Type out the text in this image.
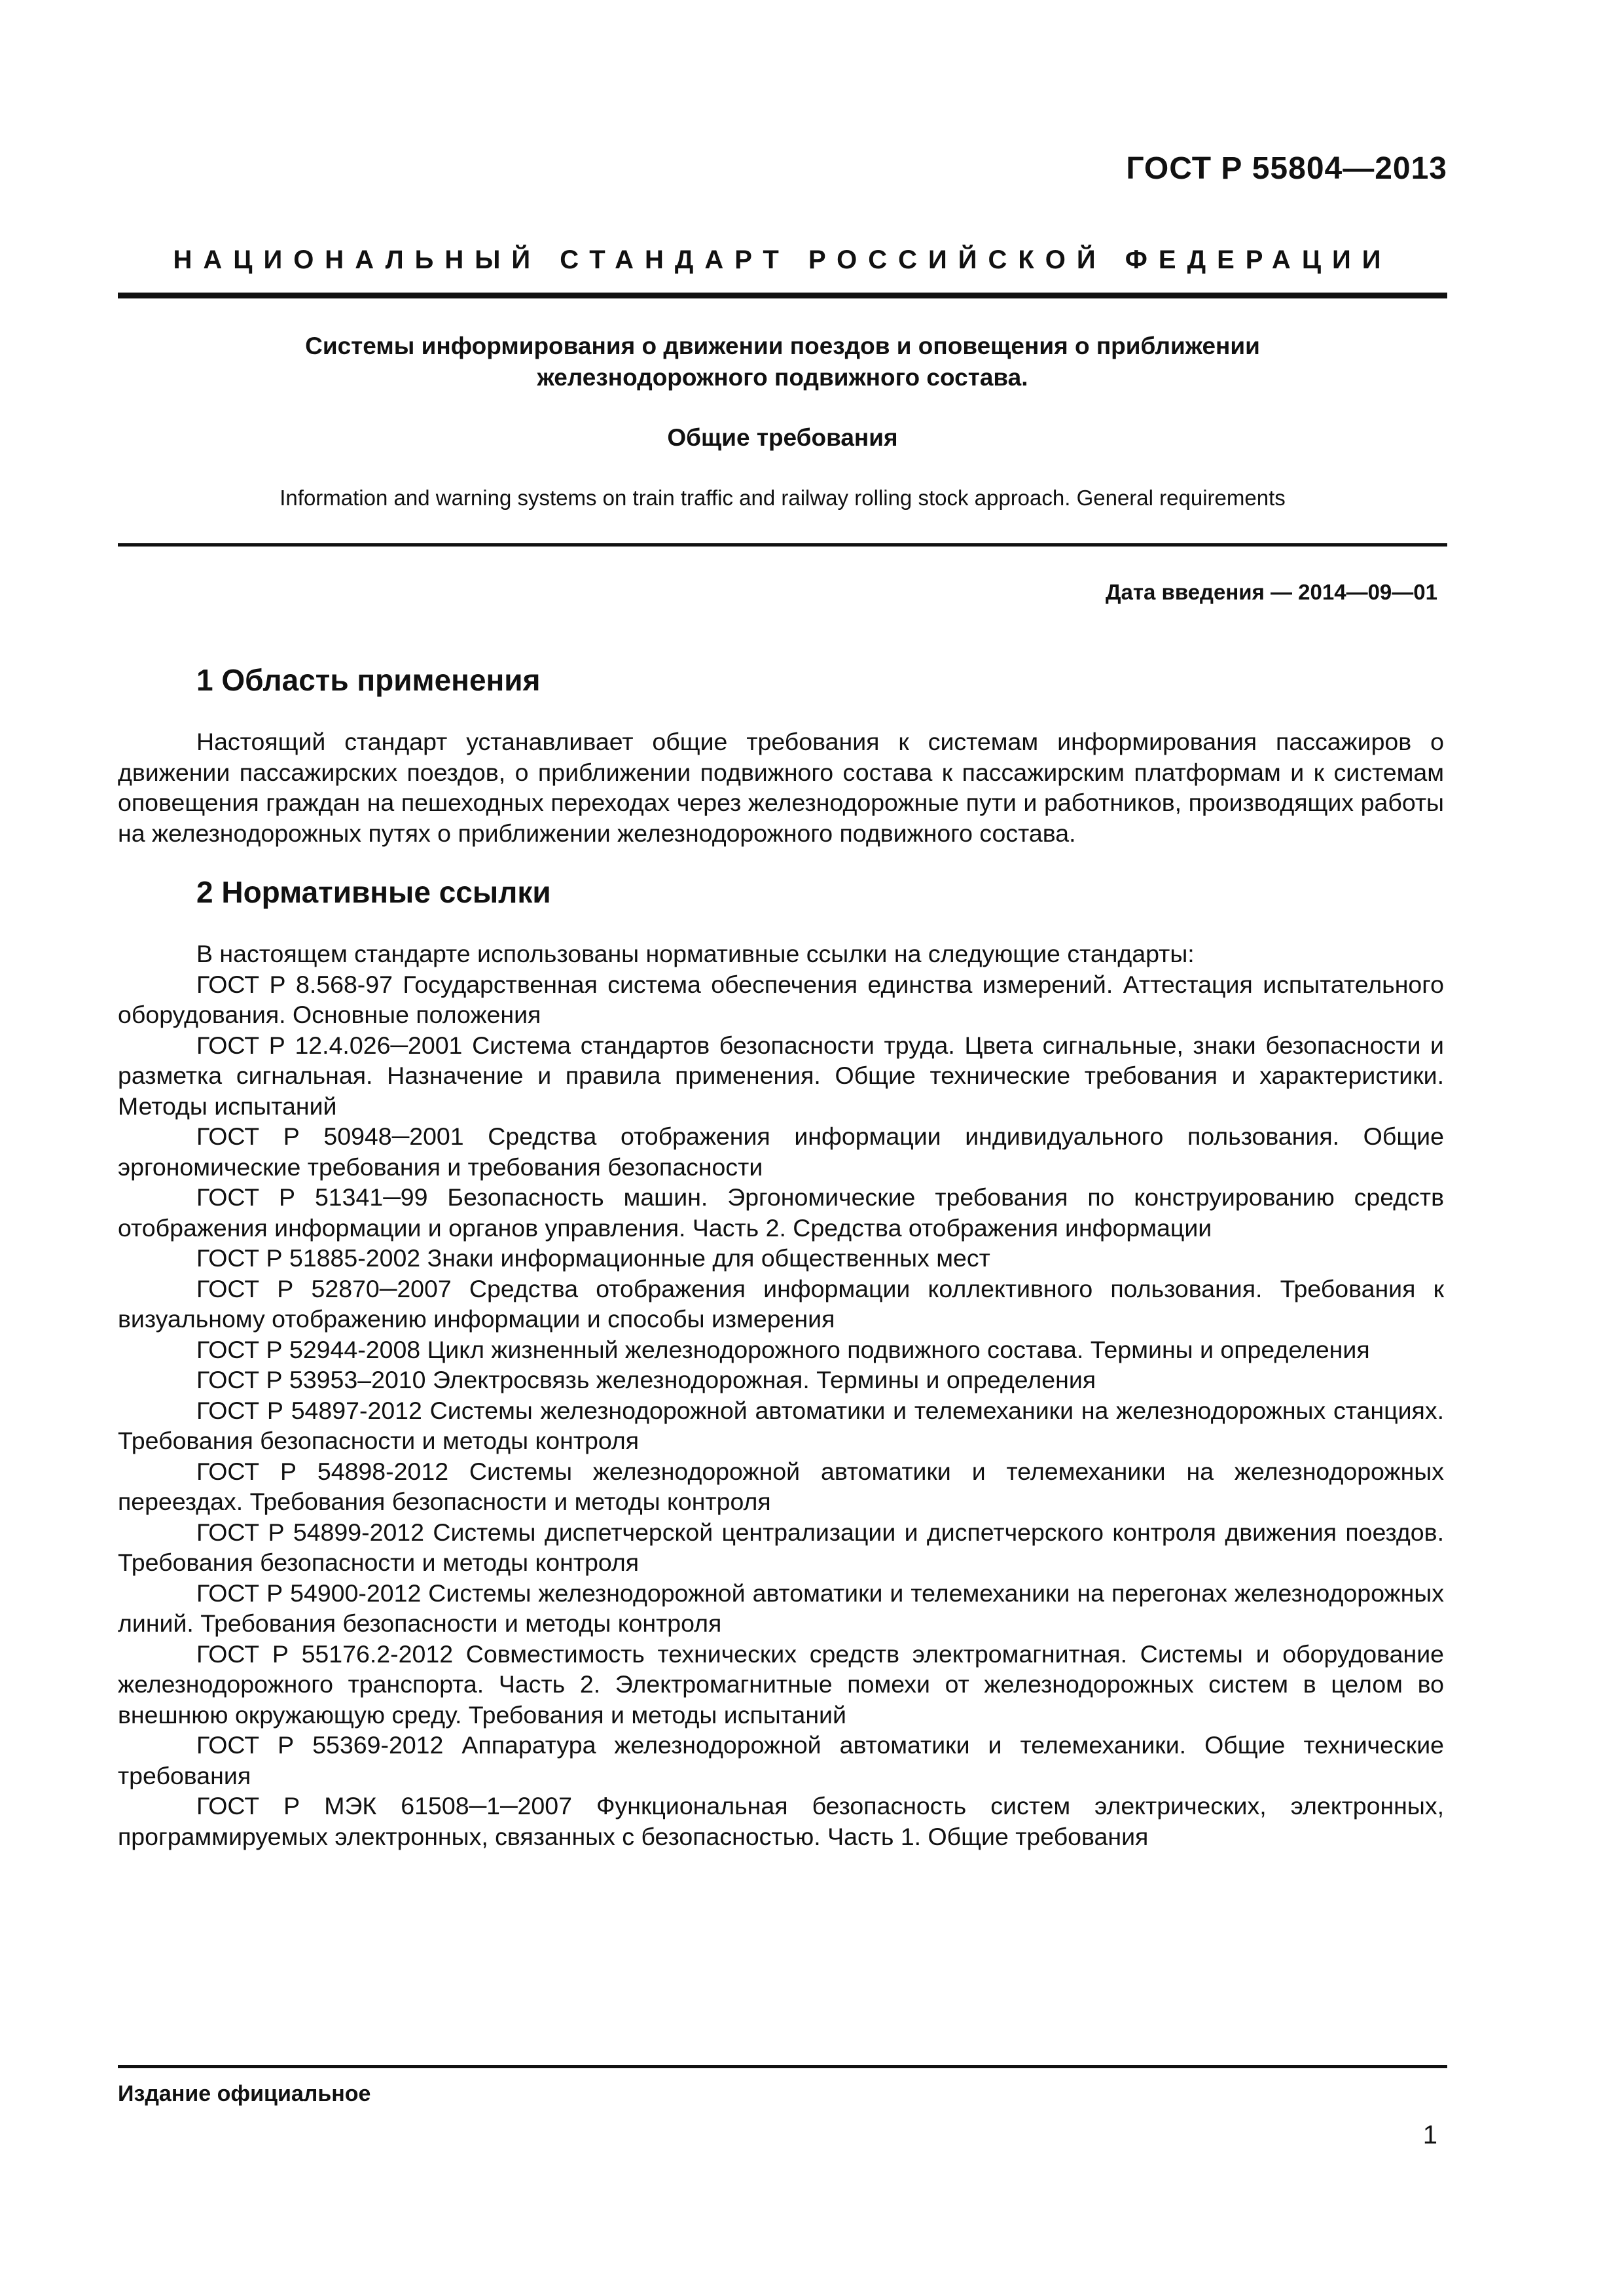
ГОСТ Р 55804—2013
НАЦИОНАЛЬНЫЙ СТАНДАРТ РОССИЙСКОЙ ФЕДЕРАЦИИ
Системы информирования о движении поездов и оповещения о приближении
железнодорожного подвижного состава.
Общие требования
Information and warning systems on train traffic and railway rolling stock approach. General requirements
Дата введения — 2014—09—01
1 Область применения

Настоящий стандарт устанавливает общие требования к системам информирования пассажиров о движении пассажирских поездов, о приближении подвижного состава к пассажирским платформам и к системам оповещения граждан на пешеходных переходах через железнодорожные пути и работников, производящих работы на железнодорожных путях о приближении железнодорожного подвижного состава.

2 Нормативные ссылки

В настоящем стандарте использованы нормативные ссылки на следующие стандарты:

ГОСТ Р 8.568-97 Государственная система обеспечения единства измерений. Аттестация испытательного оборудования. Основные положения

ГОСТ Р 12.4.026─2001 Система стандартов безопасности труда. Цвета сигнальные, знаки безопасности и разметка сигнальная. Назначение и правила применения. Общие технические требования и характеристики. Методы испытаний

ГОСТ Р 50948─2001 Средства отображения информации индивидуального пользования. Общие эргономические требования и требования безопасности

ГОСТ Р 51341─99 Безопасность машин. Эргономические требования по конструированию средств отображения информации и органов управления. Часть 2. Средства отображения информации

ГОСТ Р 51885-2002 Знаки информационные для общественных мест

ГОСТ Р 52870─2007 Средства отображения информации коллективного пользования. Требования к визуальному отображению информации и способы измерения

ГОСТ Р 52944-2008 Цикл жизненный железнодорожного подвижного состава. Термины и определения

ГОСТ Р 53953–2010 Электросвязь железнодорожная. Термины и определения

ГОСТ Р 54897-2012 Системы железнодорожной автоматики и телемеханики на железнодорожных станциях. Требования безопасности и методы контроля

ГОСТ Р 54898-2012 Системы железнодорожной автоматики и телемеханики на железнодорожных переездах. Требования безопасности и методы контроля

ГОСТ Р 54899-2012 Системы диспетчерской централизации и диспетчерского контроля движения поездов. Требования безопасности и методы контроля

ГОСТ Р 54900-2012 Системы железнодорожной автоматики и телемеханики на перегонах железнодорожных линий. Требования безопасности и методы контроля

ГОСТ Р 55176.2-2012 Совместимость технических средств электромагнитная. Системы и оборудование железнодорожного транспорта. Часть 2. Электромагнитные помехи от железнодорожных систем в целом во внешнюю окружающую среду. Требования и методы испытаний

ГОСТ Р 55369-2012 Аппаратура железнодорожной автоматики и телемеханики. Общие технические требования

ГОСТ Р МЭК 61508─1─2007 Функциональная безопасность систем электрических, электронных, программируемых электронных, связанных с безопасностью. Часть 1. Общие требования

Издание официальное
1
